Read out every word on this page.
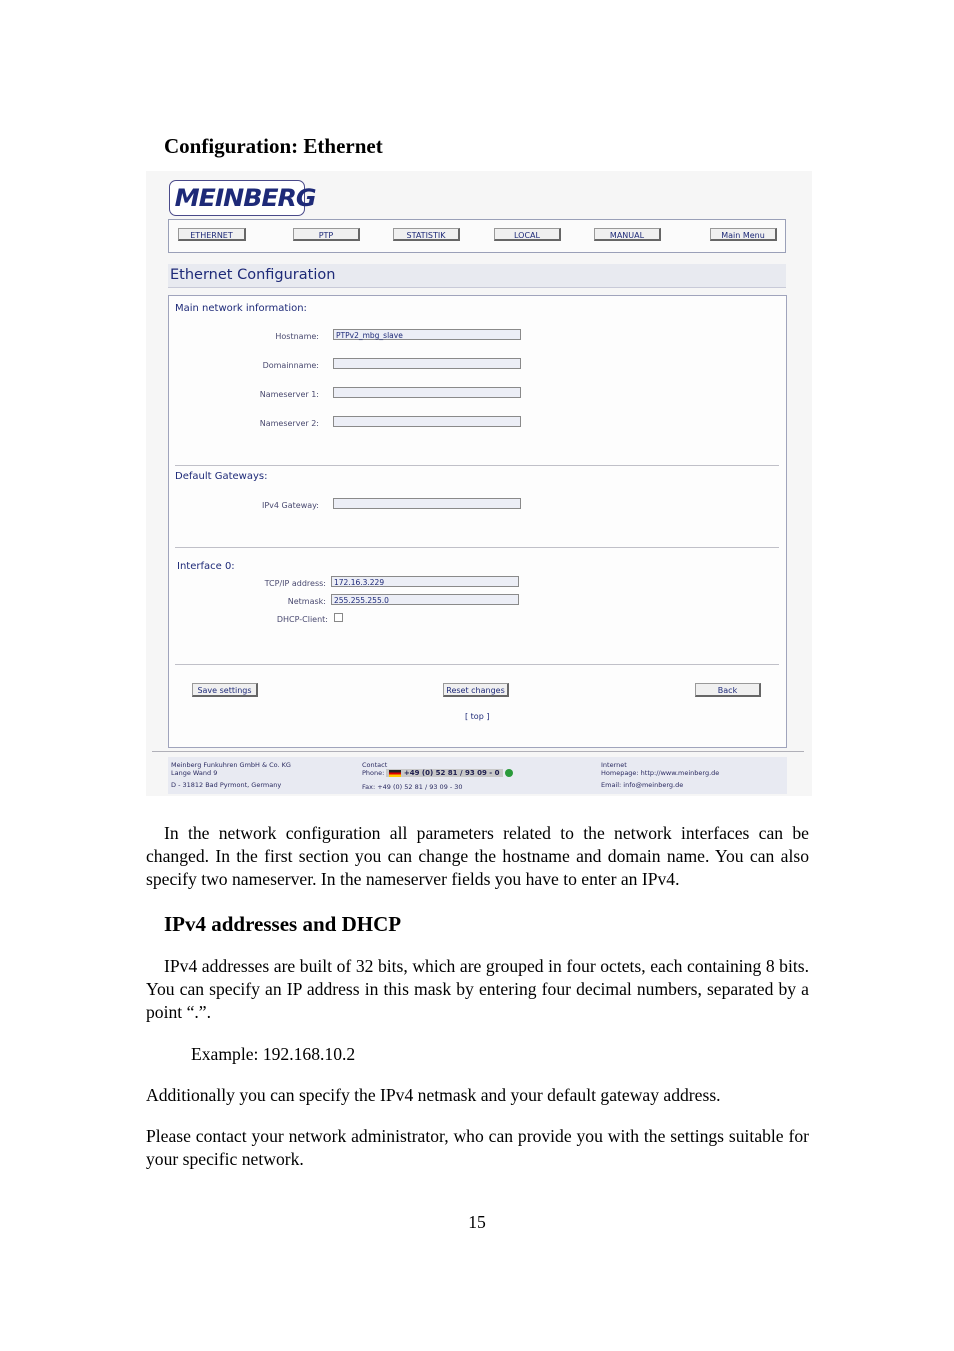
Configuration: Ethernet
MEINBERG
ETHERNET	PTP	STATISTIK	LOCAL	MANUAL	Main Menu
Ethernet Configuration
Main network information:
Hostname:	PTPv2_mbg_slave
Domainname:
Nameserver 1:
Nameserver 2:
Default Gateways:
IPv4 Gateway:
Interface 0:
TCP/IP address:	172.16.3.229
Netmask:	255.255.255.0
DHCP-Client:
Save settings	Reset changes	Back
[ top ]
Meinberg Funkuhren GmbH & Co. KG
Lange Wand 9
D - 31812 Bad Pyrmont, Germany
Contact
Phone:	+49 (0) 52 81 / 93 09 - 0
Fax: +49 (0) 52 81 / 93 09 - 30
Internet
Homepage: http://www.meinberg.de
Email: info@meinberg.de

In the network configuration all parameters related to the network interfaces can be changed. In the first section you can change the hostname and domain name. You can also specify two nameserver. In the nameserver fields you have to enter an IPv4.

IPv4 addresses and DHCP

IPv4 addresses are built of 32 bits, which are grouped in four octets, each containing 8 bits. You can specify an IP address in this mask by entering four decimal numbers, separated by a point “.”.

Example: 192.168.10.2

Additionally you can specify the IPv4 netmask and your default gateway address.

Please contact your network administrator, who can provide you with the settings suitable for your specific network.

15
